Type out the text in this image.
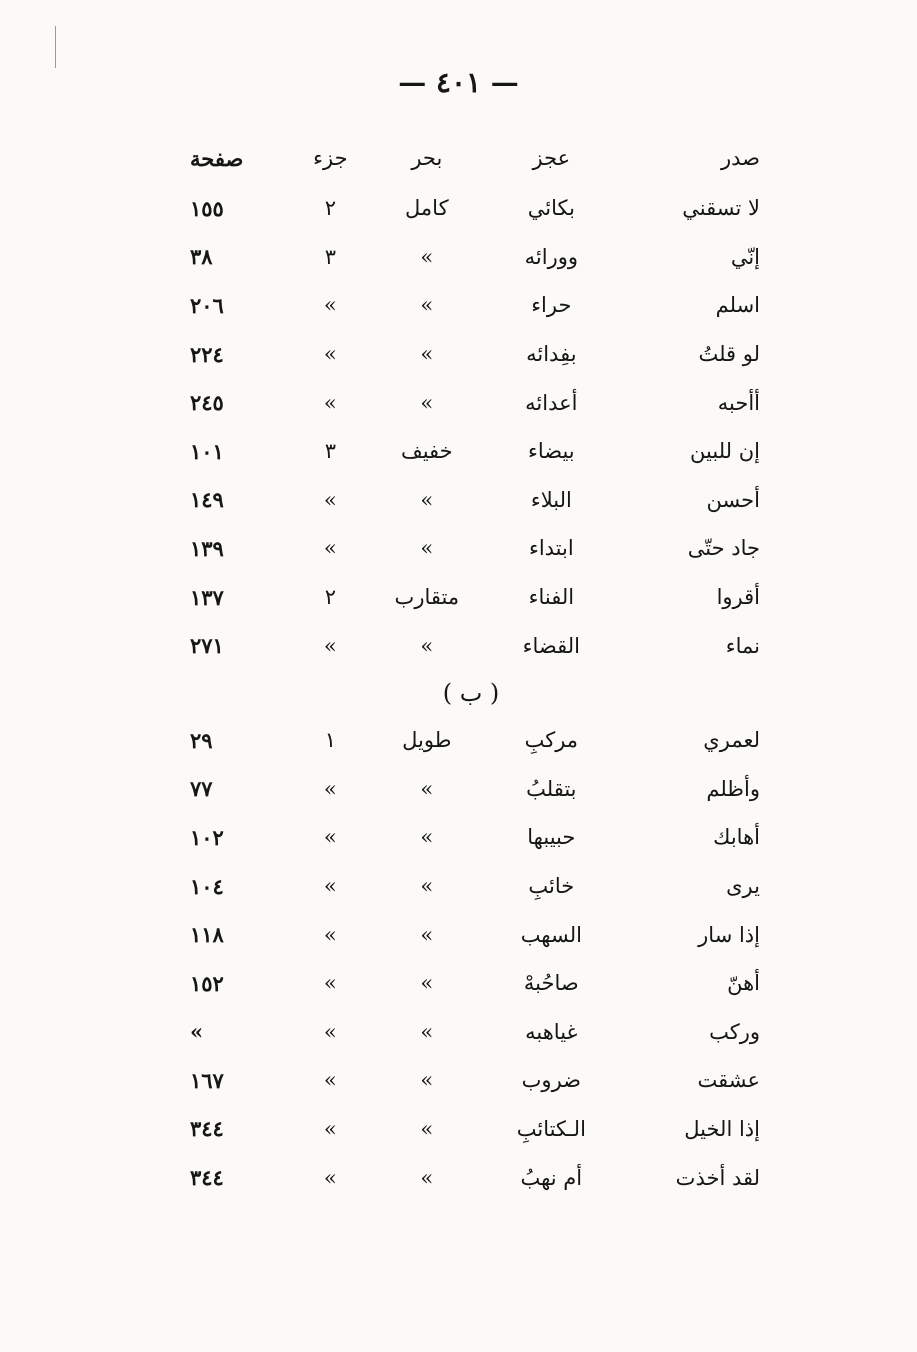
— ٤٠١ —
صدر	عجز	بحر	جزء	صفحة
لا تسقني	بكائي	كامل	٢	١٥٥
إنّي	وورائه	»	٣	٣٨
اسلم	حراء	»	»	٢٠٦
لو قلتُ	بفِدائه	»	»	٢٢٤
أأحبه	أعدائه	»	»	٢٤٥
إن للبين	بيضاء	خفيف	٣	١٠١
أحسن	البلاء	»	»	١٤٩
جاد حتّى	ابتداء	»	»	١٣٩
أقروا	الفناء	متقارب	٢	١٣٧
نماء	القضاء	»	»	٢٧١
( ب )				
لعمري	مركبِ	طويل	١	٢٩
وأظلم	بتقلبُ	»	»	٧٧
أهابك	حبيبها	»	»	١٠٢
يرى	خائبِ	»	»	١٠٤
إذا سار	السهب	»	»	١١٨
أهنّ	صاحُبهْ	»	»	١٥٢
وركب	غياهبه	»	»	»
عشقت	ضروب	»	»	١٦٧
إذا الخيل	الـكتائبِ	»	»	٣٤٤
لقد أخذت	أم نهبُ	»	»	٣٤٤
